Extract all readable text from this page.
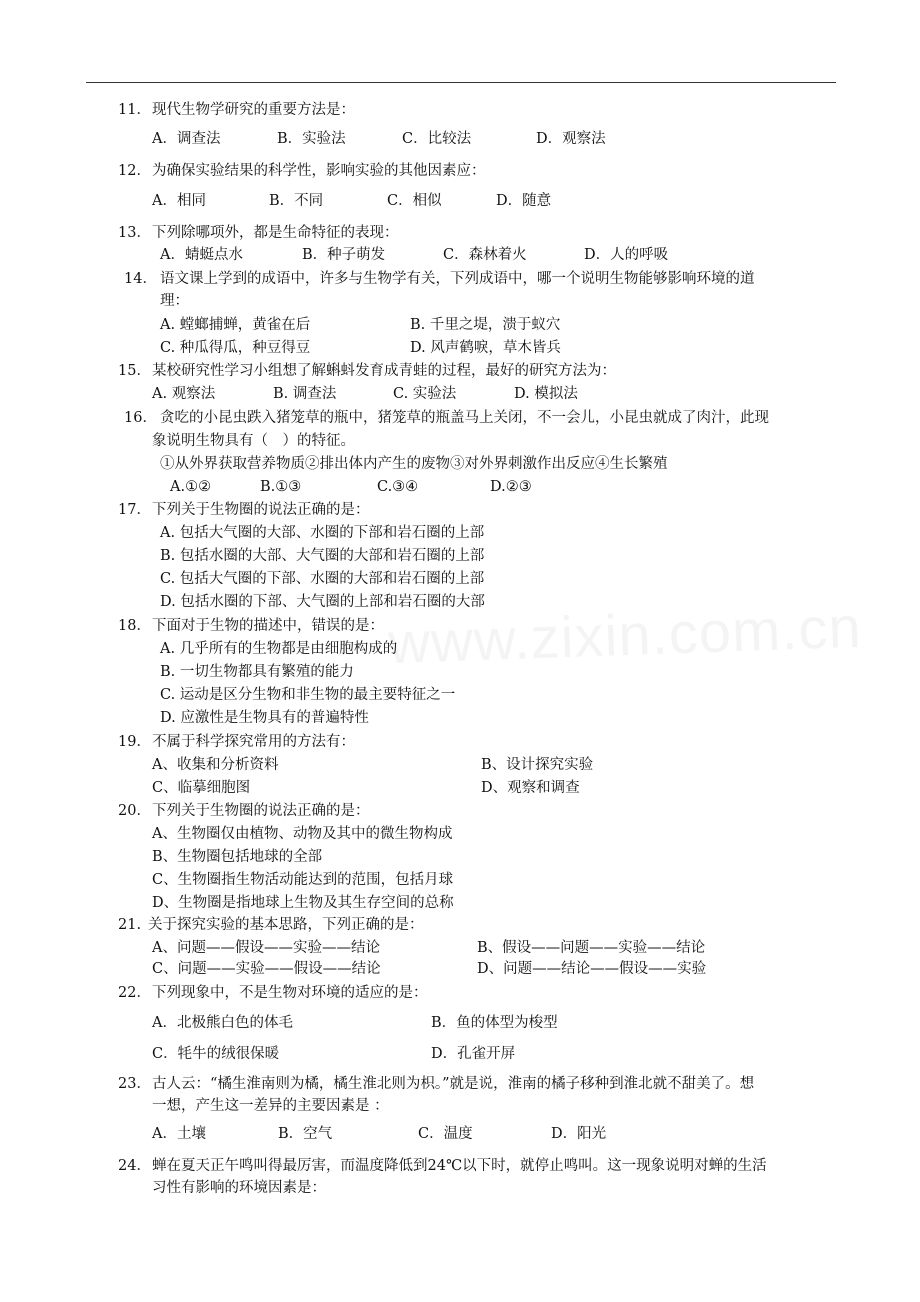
11． 现代生物学研究的重要方法是：
A．调查法	B．实验法	C．比较法	D．观察法
12． 为确保实验结果的科学性，影响实验的其他因素应：
A．相同	B．不同	C．相似	D．随意
13． 下列除哪项外，都是生命特征的表现：
A．蜻蜓点水	B．种子萌发	C．森林着火	D．人的呼吸
14． 语文课上学到的成语中，许多与生物学有关，下列成语中，哪一个说明生物能够影响环境的道
理：
A. 螳螂捕蝉，黄雀在后	B. 千里之堤，溃于蚁穴
C. 种瓜得瓜，种豆得豆	D. 风声鹤唳，草木皆兵
15． 某校研究性学习小组想了解蝌蚪发育成青蛙的过程，最好的研究方法为：
A. 观察法	B. 调查法	C. 实验法	D. 模拟法
16． 贪吃的小昆虫跌入猪笼草的瓶中，猪笼草的瓶盖马上关闭，不一会儿，小昆虫就成了肉汁，此现
象说明生物具有（　）的特征。
①从外界获取营养物质②排出体内产生的废物③对外界刺激作出反应④生长繁殖
A.①②	B.①③	C.③④	D.②③
17． 下列关于生物圈的说法正确的是：
A. 包括大气圈的大部、水圈的下部和岩石圈的上部
B. 包括水圈的大部、大气圈的大部和岩石圈的上部
C. 包括大气圈的下部、水圈的大部和岩石圈的上部
D. 包括水圈的下部、大气圈的上部和岩石圈的大部
18． 下面对于生物的描述中，错误的是：
A. 几乎所有的生物都是由细胞构成的
B. 一切生物都具有繁殖的能力
C. 运动是区分生物和非生物的最主要特征之一
D. 应激性是生物具有的普遍特性
19． 不属于科学探究常用的方法有：
A、收集和分析资料	B、设计探究实验
C、临摹细胞图	D、观察和调查
20． 下列关于生物圈的说法正确的是：
A、生物圈仅由植物、动物及其中的微生物构成
B、生物圈包括地球的全部
C、生物圈指生物活动能达到的范围，包括月球
D、生物圈是指地球上生物及其生存空间的总称
21. 关于探究实验的基本思路，下列正确的是：
A、问题——假设——实验——结论	B、假设——问题——实验——结论
C、问题——实验——假设——结论	D、问题——结论——假设——实验
22． 下列现象中，不是生物对环境的适应的是：
A．北极熊白色的体毛	B．鱼的体型为梭型
C．牦牛的绒很保暖	D．孔雀开屏
23． 古人云：“橘生淮南则为橘，橘生淮北则为枳。”就是说，淮南的橘子移种到淮北就不甜美了。想
一想，产生这一差异的主要因素是 ：
A．土壤	B．空气	C．温度	D．阳光
24． 蝉在夏天正午鸣叫得最厉害，而温度降低到24℃以下时，就停止鸣叫。这一现象说明对蝉的生活
习性有影响的环境因素是：
